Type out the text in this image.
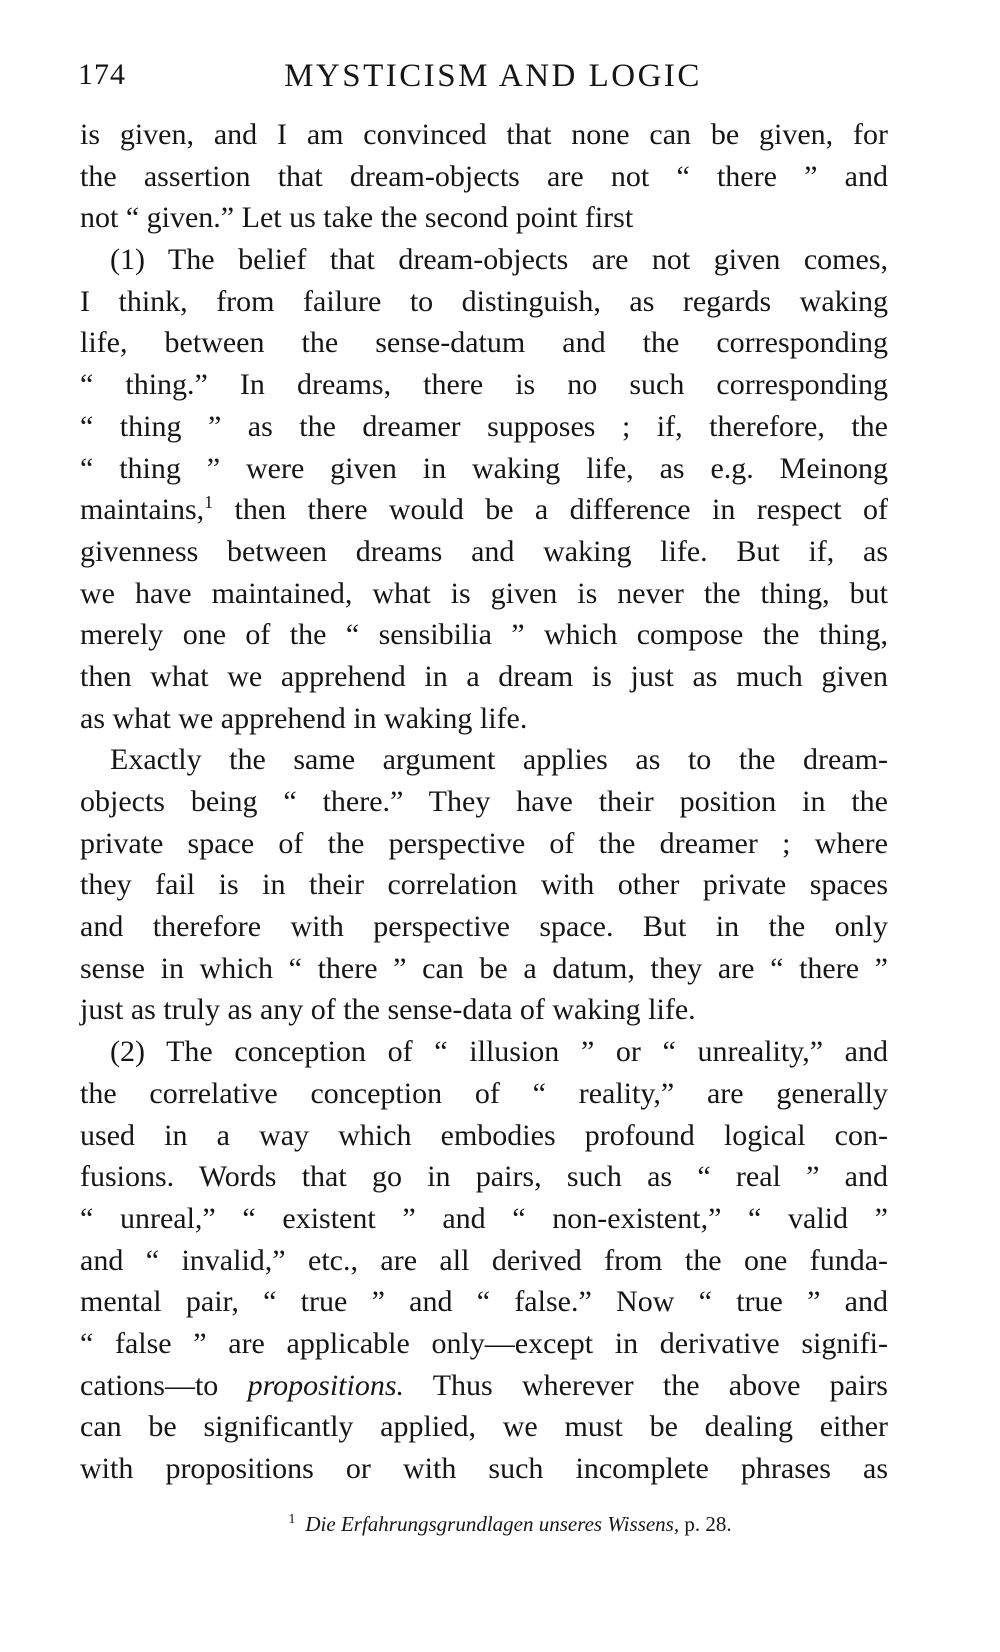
174	MYSTICISM AND LOGIC

is given, and I am convinced that none can be given, for

the assertion that dream-objects are not “ there ” and

not “ given.” Let us take the second point first

(1) The belief that dream-objects are not given comes,

I think, from failure to distinguish, as regards waking

life, between the sense-datum and the corresponding

“ thing.” In dreams, there is no such corresponding

“ thing ” as the dreamer supposes ; if, therefore, the

“ thing ” were given in waking life, as e.g. Meinong

maintains,$^1$ then there would be a difference in respect of

givenness between dreams and waking life. But if, as

we have maintained, what is given is never the thing, but

merely one of the “ sensibilia ” which compose the thing,

then what we apprehend in a dream is just as much given

as what we apprehend in waking life.

Exactly the same argument applies as to the dream-

objects being “ there.” They have their position in the

private space of the perspective of the dreamer ; where

they fail is in their correlation with other private spaces

and therefore with perspective space. But in the only

sense in which “ there ” can be a datum, they are “ there ”

just as truly as any of the sense-data of waking life.

(2) The conception of “ illusion ” or “ unreality,” and

the correlative conception of “ reality,” are generally

used in a way which embodies profound logical con-

fusions. Words that go in pairs, such as “ real ” and

“ unreal,” “ existent ” and “ non-existent,” “ valid ”

and “ invalid,” etc., are all derived from the one funda-

mental pair, “ true ” and “ false.” Now “ true ” and

“ false ” are applicable only—except in derivative signifi-

cations—to propositions. Thus wherever the above pairs

can be significantly applied, we must be dealing either

with propositions or with such incomplete phrases as

$^1$ Die Erfahrungsgrundlagen unseres Wissens, p. 28.
